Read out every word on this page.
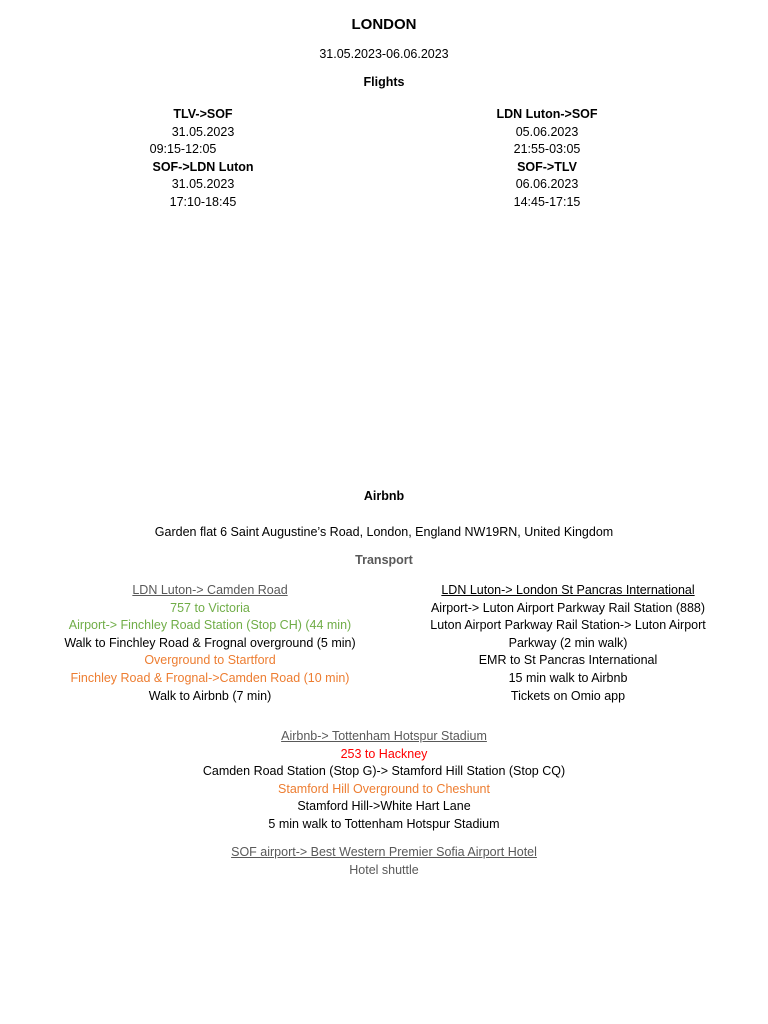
LONDON
31.05.2023-06.06.2023
Flights
TLV->SOF
31.05.2023
09:15-12:05
SOF->LDN Luton
31.05.2023
17:10-18:45
LDN Luton->SOF
05.06.2023
21:55-03:05
SOF->TLV
06.06.2023
14:45-17:15
Airbnb
Garden flat 6 Saint Augustine’s Road, London, England NW19RN, United Kingdom
Transport
LDN Luton-> Camden Road
757 to Victoria
Airport-> Finchley Road Station (Stop CH) (44 min)
Walk to Finchley Road & Frognal overground (5 min)
Overground to Startford
Finchley Road & Frognal->Camden Road (10 min)
Walk to Airbnb (7 min)
LDN Luton-> London St Pancras International
Airport-> Luton Airport Parkway Rail Station (888)
Luton Airport Parkway Rail Station-> Luton Airport
Parkway (2 min walk)
EMR to St Pancras International
15 min walk to Airbnb
Tickets on Omio app
Airbnb-> Tottenham Hotspur Stadium
253 to Hackney
Camden Road Station (Stop G)-> Stamford Hill Station (Stop CQ)
Stamford Hill Overground to Cheshunt
Stamford Hill->White Hart Lane
5 min walk to Tottenham Hotspur Stadium
SOF airport-> Best Western Premier Sofia Airport Hotel
Hotel shuttle
